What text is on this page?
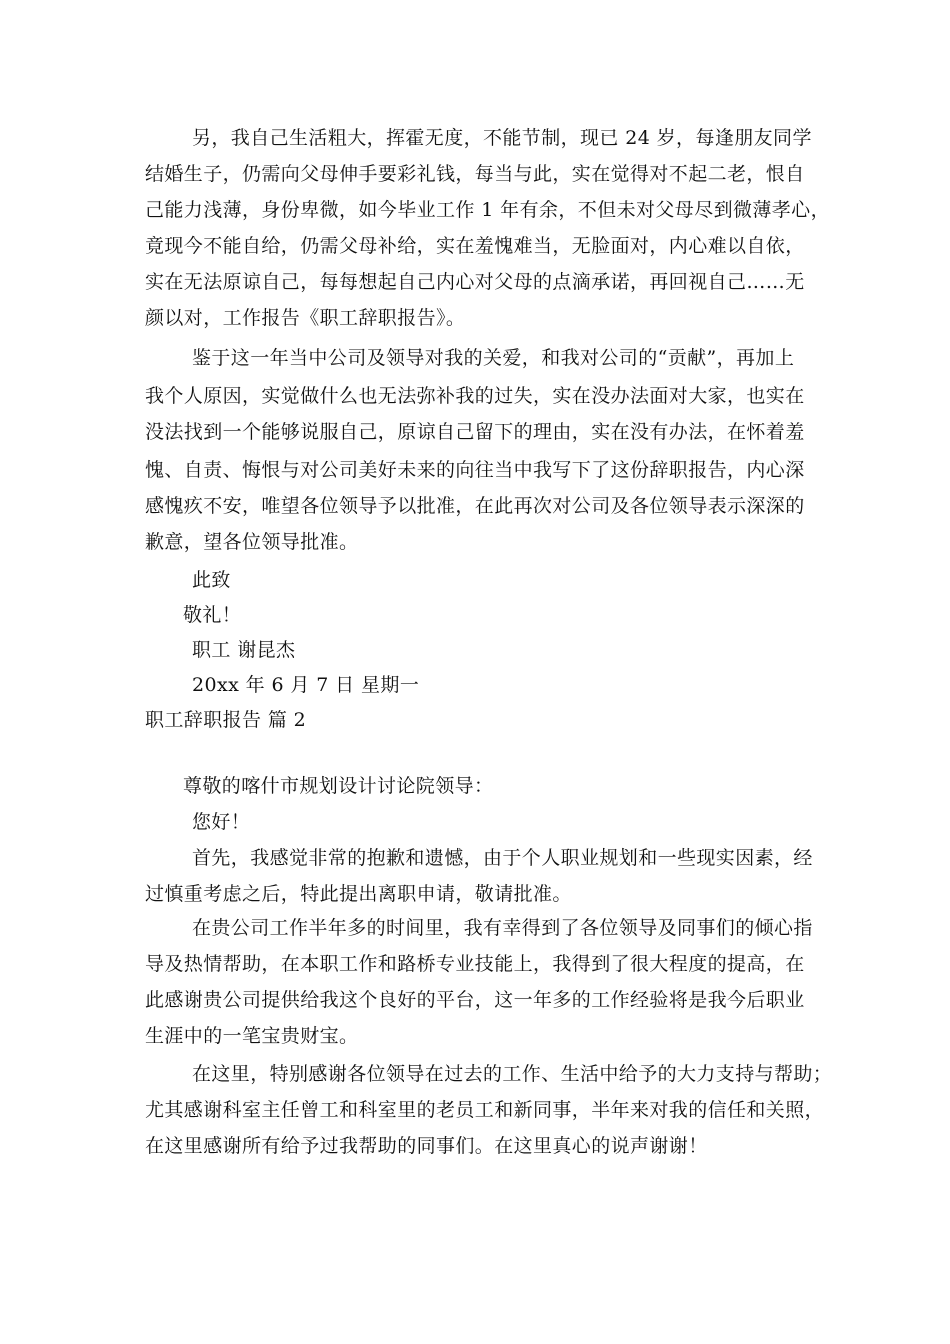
另，我自己生活粗大，挥霍无度，不能节制，现已 24 岁，每逢朋友同学
结婚生子，仍需向父母伸手要彩礼钱，每当与此，实在觉得对不起二老，恨自
己能力浅薄，身份卑微，如今毕业工作 1 年有余，不但未对父母尽到微薄孝心，
竟现今不能自给，仍需父母补给，实在羞愧难当，无脸面对，内心难以自依，
实在无法原谅自己，每每想起自己内心对父母的点滴承诺，再回视自己……无
颜以对，工作报告《职工辞职报告》。
鉴于这一年当中公司及领导对我的关爱，和我对公司的“贡献”，再加上
我个人原因，实觉做什么也无法弥补我的过失，实在没办法面对大家，也实在
没法找到一个能够说服自己，原谅自己留下的理由，实在没有办法，在怀着羞
愧、自责、悔恨与对公司美好未来的向往当中我写下了这份辞职报告，内心深
感愧疚不安，唯望各位领导予以批准，在此再次对公司及各位领导表示深深的
歉意，望各位领导批准。
此致
敬礼！
职工 谢昆杰
20xx 年 6 月 7 日 星期一
职工辞职报告 篇 2
尊敬的喀什市规划设计讨论院领导：
您好！
首先，我感觉非常的抱歉和遗憾，由于个人职业规划和一些现实因素，经
过慎重考虑之后，特此提出离职申请，敬请批准。
在贵公司工作半年多的时间里，我有幸得到了各位领导及同事们的倾心指
导及热情帮助，在本职工作和路桥专业技能上，我得到了很大程度的提高，在
此感谢贵公司提供给我这个良好的平台，这一年多的工作经验将是我今后职业
生涯中的一笔宝贵财宝。
在这里，特别感谢各位领导在过去的工作、生活中给予的大力支持与帮助；
尤其感谢科室主任曾工和科室里的老员工和新同事，半年来对我的信任和关照，
在这里感谢所有给予过我帮助的同事们。在这里真心的说声谢谢！
